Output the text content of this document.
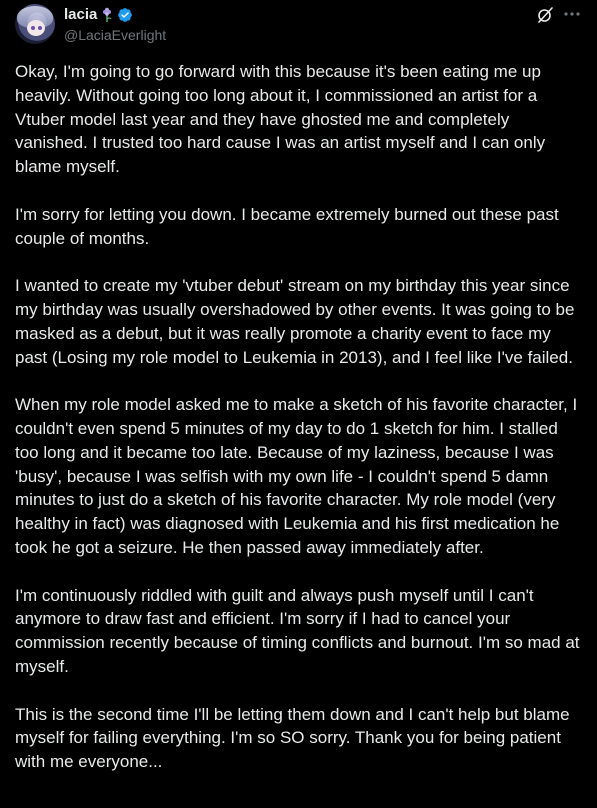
lacia
@LaciaEverlight

Okay, I'm going to go forward with this because it's been eating me up heavily. Without going too long about it, I commissioned an artist for a Vtuber model last year and they have ghosted me and completely vanished. I trusted too hard cause I was an artist myself and I can only blame myself.

I'm sorry for letting you down. I became extremely burned out these past couple of months.

I wanted to create my 'vtuber debut' stream on my birthday this year since my birthday was usually overshadowed by other events. It was going to be masked as a debut, but it was really promote a charity event to face my past (Losing my role model to Leukemia in 2013), and I feel like I've failed.

When my role model asked me to make a sketch of his favorite character, I couldn't even spend 5 minutes of my day to do 1 sketch for him. I stalled too long and it became too late. Because of my laziness, because I was 'busy', because I was selfish with my own life - I couldn't spend 5 damn minutes to just do a sketch of his favorite character. My role model (very healthy in fact) was diagnosed with Leukemia and his first medication he took he got a seizure. He then passed away immediately after.

I'm continuously riddled with guilt and always push myself until I can't anymore to draw fast and efficient. I'm sorry if I had to cancel your commission recently because of timing conflicts and burnout. I'm so mad at myself.

This is the second time I'll be letting them down and I can't help but blame myself for failing everything. I'm so SO sorry. Thank you for being patient with me everyone...
